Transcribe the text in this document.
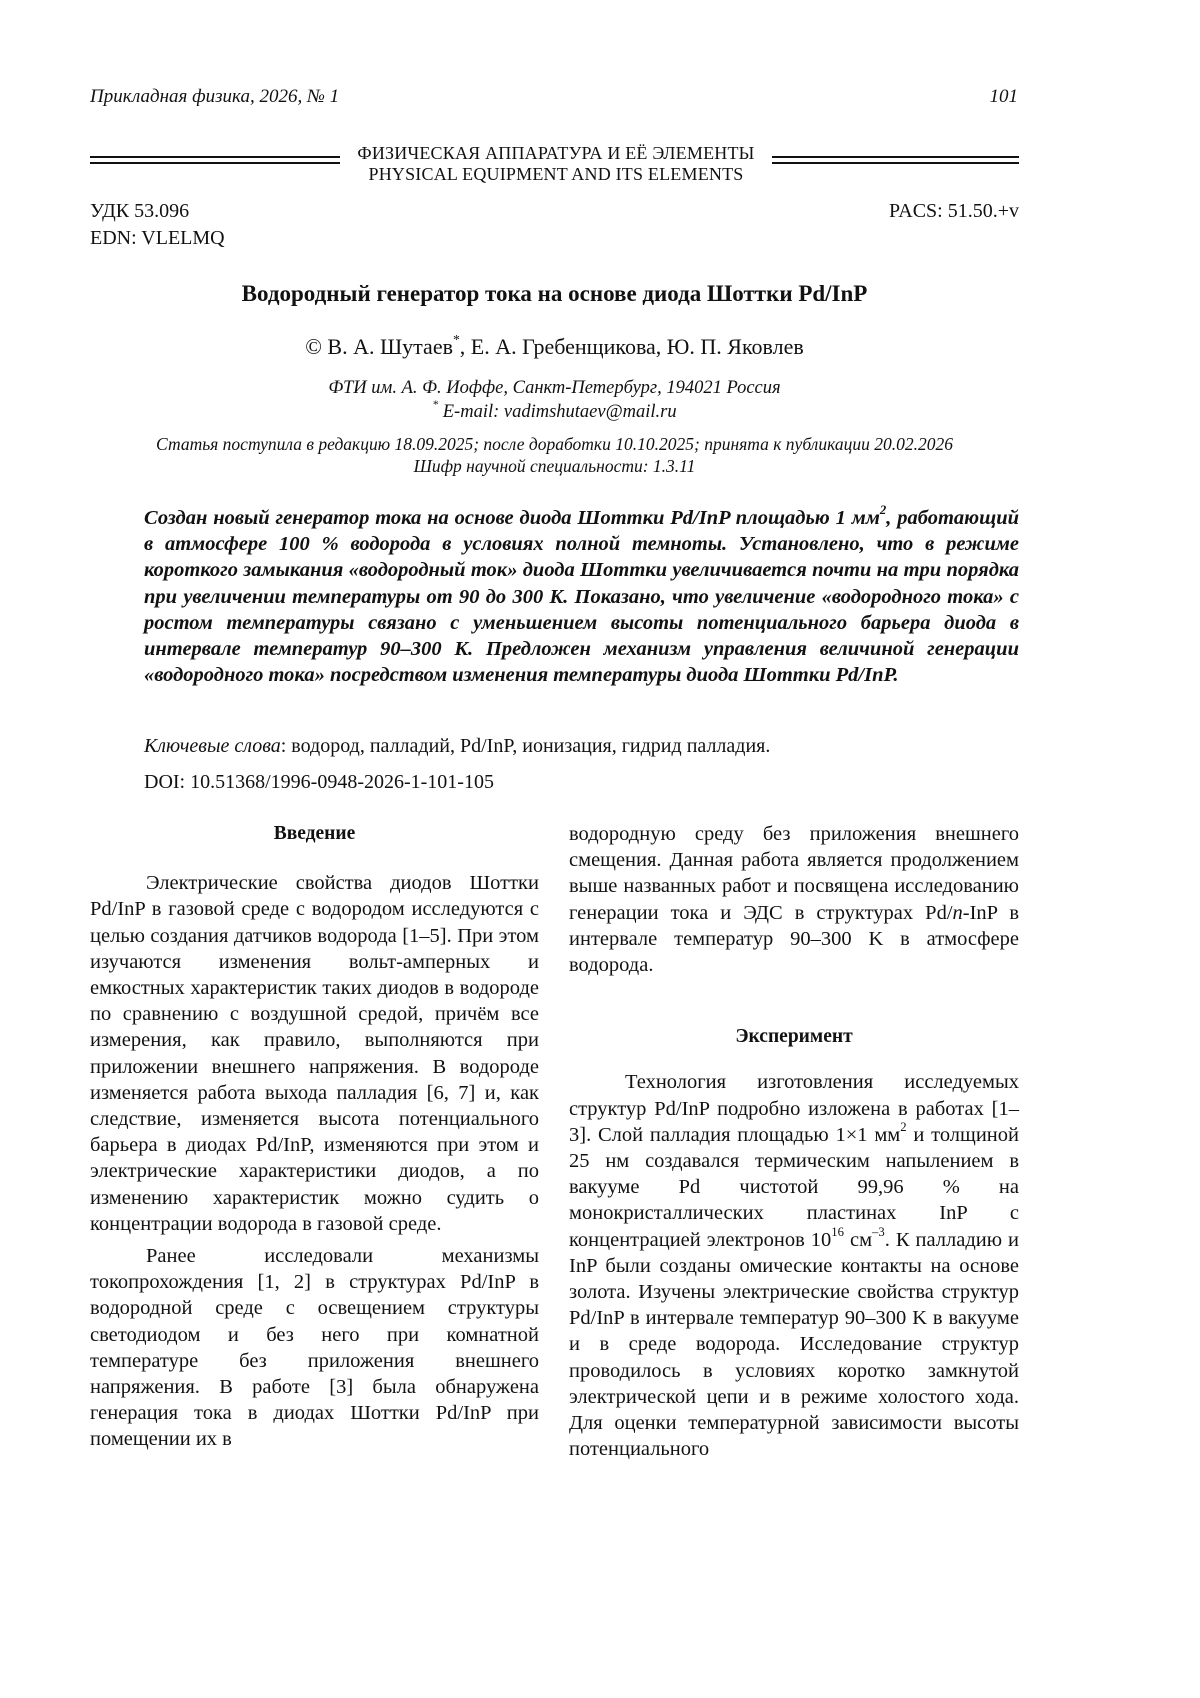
Прикладная физика, 2026, № 1	101
ФИЗИЧЕСКАЯ АППАРАТУРА И ЕЁ ЭЛЕМЕНТЫ
PHYSICAL EQUIPMENT AND ITS ELEMENTS
УДК 53.096
EDN: VLELMQ
PACS: 51.50.+v
Водородный генератор тока на основе диода Шоттки Pd/InP
© В. А. Шутаев*, Е. А. Гребенщикова, Ю. П. Яковлев
ФТИ им. А. Ф. Иоффе, Санкт-Петербург, 194021 Россия
* E-mail: vadimshutaev@mail.ru
Статья поступила в редакцию 18.09.2025; после доработки 10.10.2025; принята к публикации 20.02.2026
Шифр научной специальности: 1.3.11
Создан новый генератор тока на основе диода Шоттки Pd/InP площадью 1 $мм^2$, работающий в атмосфере 100 % водорода в условиях полной темноты. Установлено, что в режиме короткого замыкания «водородный ток» диода Шоттки увеличивается почти на три порядка при увеличении температуры от 90 до 300 K. Показано, что увеличение «водородного тока» с ростом температуры связано с уменьшением высоты потенциального барьера диода в интервале температур 90–300 K. Предложен механизм управления величиной генерации «водородного тока» посредством изменения температуры диода Шоттки Pd/InP.
Ключевые слова: водород, палладий, Pd/InP, ионизация, гидрид палладия.
DOI: 10.51368/1996-0948-2026-1-101-105
Введение

Электрические свойства диодов Шоттки Pd/InP в газовой среде с водородом исследуются с целью создания датчиков водорода [1–5]. При этом изучаются изменения вольт-амперных и емкостных характеристик таких диодов в водороде по сравнению с воздушной средой, причём все измерения, как правило, выполняются при приложении внешнего напряжения. В водороде изменяется работа выхода палладия [6, 7] и, как следствие, изменяется высота потенциального барьера в диодах Pd/InP, изменяются при этом и электрические характеристики диодов, а по изменению характеристик можно судить о концентрации водорода в газовой среде.

Ранее исследовали механизмы токопрохождения [1, 2] в структурах Pd/InP в водородной среде с освещением структуры светодиодом и без него при комнатной температуре без приложения внешнего напряжения. В работе [3] была обнаружена генерация тока в диодах Шоттки Pd/InP при помещении их в

водородную среду без приложения внешнего смещения. Данная работа является продолжением выше названных работ и посвящена исследованию генерации тока и ЭДС в структурах Pd/n-InP в интервале температур 90–300 K в атмосфере водорода.

Эксперимент

Технология изготовления исследуемых структур Pd/InP подробно изложена в работах [1–3]. Слой палладия площадью 1×1 $мм^2$ и толщиной 25 нм создавался термическим напылением в вакууме Pd чистотой 99,96 % на монокристаллических пластинах InP с концентрацией электронов $10^{16}$ $см^{-3}$. К палладию и InP были созданы омические контакты на основе золота. Изучены электрические свойства структур Pd/InP в интервале температур 90–300 K в вакууме и в среде водорода. Исследование структур проводилось в условиях коротко замкнутой электрической цепи и в режиме холостого хода. Для оценки температурной зависимости высоты потенциального
